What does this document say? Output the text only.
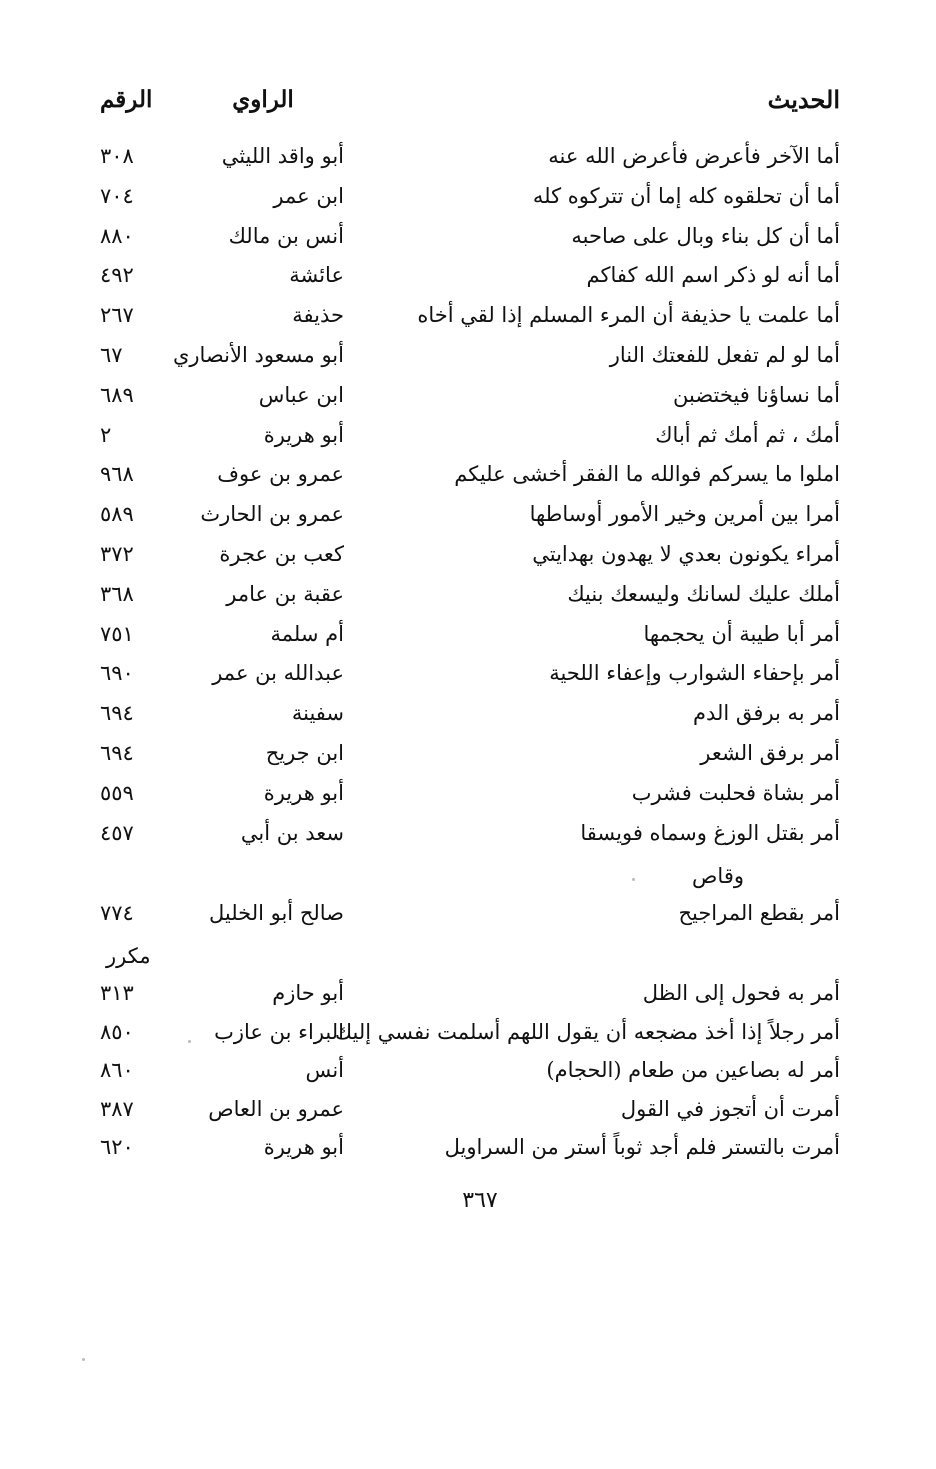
الحديث
الراوي
الرقم
أما الآخر فأعرض فأعرض الله عنه
أبو واقد الليثي
٣٠٨
أما أن تحلقوه كله إما أن تتركوه كله
ابن عمر
٧٠٤
أما أن كل بناء وبال على صاحبه
أنس بن مالك
٨٨٠
أما أنه لو ذكر اسم الله كفاكم
عائشة
٤٩٢
أما علمت يا حذيفة أن المرء المسلم إذا لقي أخاه
حذيفة
٢٦٧
أما لو لم تفعل للفعتك النار
أبو مسعود الأنصاري
٦٧
أما نساؤنا فيختضبن
ابن عباس
٦٨٩
أمك ، ثم أمك ثم أباك
أبو هريرة
٢
املوا ما يسركم فوالله ما الفقر أخشى عليكم
عمرو بن عوف
٩٦٨
أمرا بين أمرين وخير الأمور أوساطها
عمرو بن الحارث
٥٨٩
أمراء يكونون بعدي لا يهدون بهدايتي
كعب بن عجرة
٣٧٢
أملك عليك لسانك وليسعك بنيك
عقبة بن عامر
٣٦٨
أمر أبا طيبة أن يحجمها
أم سلمة
٧٥١
أمر بإحفاء الشوارب وإعفاء اللحية
عبدالله بن عمر
٦٩٠
أمر به برفق الدم
سفينة
٦٩٤
أمر برفق الشعر
ابن جريح
٦٩٤
أمر بشاة فحلبت فشرب
أبو هريرة
٥٥٩
أمر بقتل الوزغ وسماه فويسقا
سعد بن أبي
٤٥٧
وقاص
أمر بقطع المراجيح
صالح أبو الخليل
٧٧٤
مكرر
أمر به فحول إلى الظل
أبو حازم
٣١٣
أمر رجلاً إذا أخذ مضجعه أن يقول اللهم أسلمت نفسي إليك
البراء بن عازب
٨٥٠
أمر له بصاعين من طعام (الحجام)
أنس
٨٦٠
أمرت أن أتجوز في القول
عمرو بن العاص
٣٨٧
أمرت بالتستر فلم أجد ثوباً أستر من السراويل
أبو هريرة
٦٢٠
٣٦٧
